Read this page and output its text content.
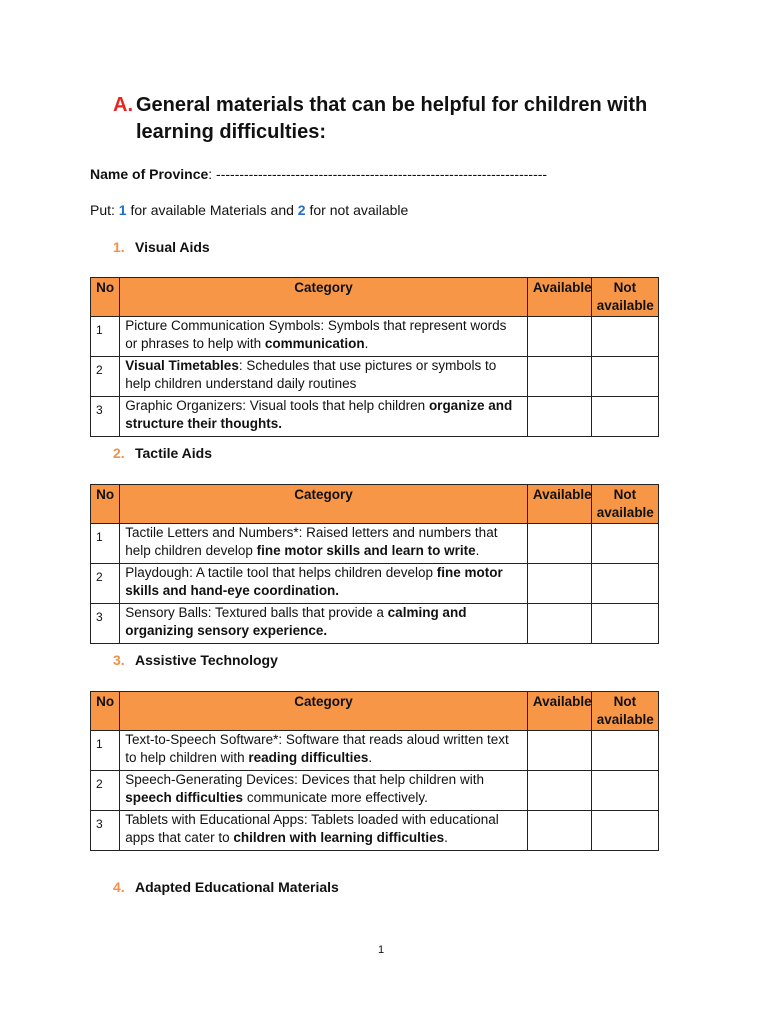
A. General materials that can be helpful for children with learning difficulties:
Name of Province: -----------------------------------------------------------------------
Put: 1 for available Materials and 2 for not available
1. Visual Aids
No	Category	Available	Not available
1	Picture Communication Symbols: Symbols that represent words or phrases to help with communication.		
2	Visual Timetables: Schedules that use pictures or symbols to help children understand daily routines		
3	Graphic Organizers: Visual tools that help children organize and structure their thoughts.		
2. Tactile Aids
No	Category	Available	Not available
1	Tactile Letters and Numbers*: Raised letters and numbers that help children develop fine motor skills and learn to write.		
2	Playdough: A tactile tool that helps children develop fine motor skills and hand-eye coordination.		
3	Sensory Balls: Textured balls that provide a calming and organizing sensory experience.		
3. Assistive Technology
No	Category	Available	Not available
1	Text-to-Speech Software*: Software that reads aloud written text to help children with reading difficulties.		
2	Speech-Generating Devices: Devices that help children with speech difficulties communicate more effectively.		
3	Tablets with Educational Apps: Tablets loaded with educational apps that cater to children with learning difficulties.		
4. Adapted Educational Materials
1
